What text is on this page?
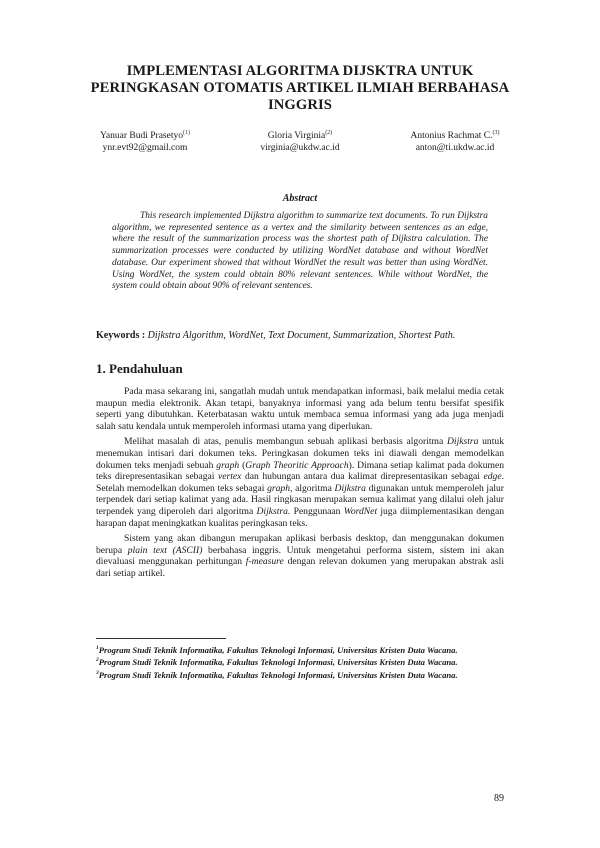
IMPLEMENTASI ALGORITMA DIJSKTRA UNTUK
PERINGKASAN OTOMATIS ARTIKEL ILMIAH BERBAHASA
INGGRIS
Yanuar Budi Prasetyo$^{(1)}$
ynr.evt92@gmail.com
Gloria Virginia$^{(2)}$
virginia@ukdw.ac.id
Antonius Rachmat C.$^{(3)}$
anton@ti.ukdw.ac.id
Abstract
This research implemented Dijkstra algorithm to summarize text documents. To run Dijkstra algorithm, we represented sentence as a vertex and the similarity between sentences as an edge, where the result of the summarization process was the shortest path of Dijkstra calculation. The summarization processes were conducted by utilizing WordNet database and without WordNet database. Our experiment showed that without WordNet the result was better than using WordNet. Using WordNet, the system could obtain 80% relevant sentences. While without WordNet, the system could obtain about 90% of relevant sentences.
Keywords : Dijkstra Algorithm, WordNet, Text Document, Summarization, Shortest Path.
1. Pendahuluan

Pada masa sekarang ini, sangatlah mudah untuk mendapatkan informasi, baik melalui media cetak maupun media elektronik. Akan tetapi, banyaknya informasi yang ada belum tentu bersifat spesifik seperti yang dibutuhkan. Keterbatasan waktu untuk membaca semua informasi yang ada juga menjadi salah satu kendala untuk memperoleh informasi utama yang diperlukan.

Melihat masalah di atas, penulis membangun sebuah aplikasi berbasis algoritma Dijkstra untuk menemukan intisari dari dokumen teks. Peringkasan dokumen teks ini diawali dengan memodelkan dokumen teks menjadi sebuah graph (Graph Theoritic Approach). Dimana setiap kalimat pada dokumen teks direpresentasikan sebagai vertex dan hubungan antara dua kalimat direpresentasikan sebagai edge. Setelah memodelkan dokumen teks sebagai graph, algoritma Dijkstra digunakan untuk memperoleh jalur terpendek dari setiap kalimat yang ada. Hasil ringkasan merupakan semua kalimat yang dilalui oleh jalur terpendek yang diperoleh dari algoritma Dijkstra. Penggunaan WordNet juga diimplementasikan dengan harapan dapat meningkatkan kualitas peringkasan teks.

Sistem yang akan dibangun merupakan aplikasi berbasis desktop, dan menggunakan dokumen berupa plain text (ASCII) berbahasa inggris. Untuk mengetahui performa sistem, sistem ini akan dievaluasi menggunakan perhitungan f-measure dengan relevan dokumen yang merupakan abstrak asli dari setiap artikel.

$^1$Program Studi Teknik Informatika, Fakultas Teknologi Informasi, Universitas Kristen Duta Wacana.
$^2$Program Studi Teknik Informatika, Fakultas Teknologi Informasi, Universitas Kristen Duta Wacana.
$^3$Program Studi Teknik Informatika, Fakultas Teknologi Informasi, Universitas Kristen Duta Wacana.
89
